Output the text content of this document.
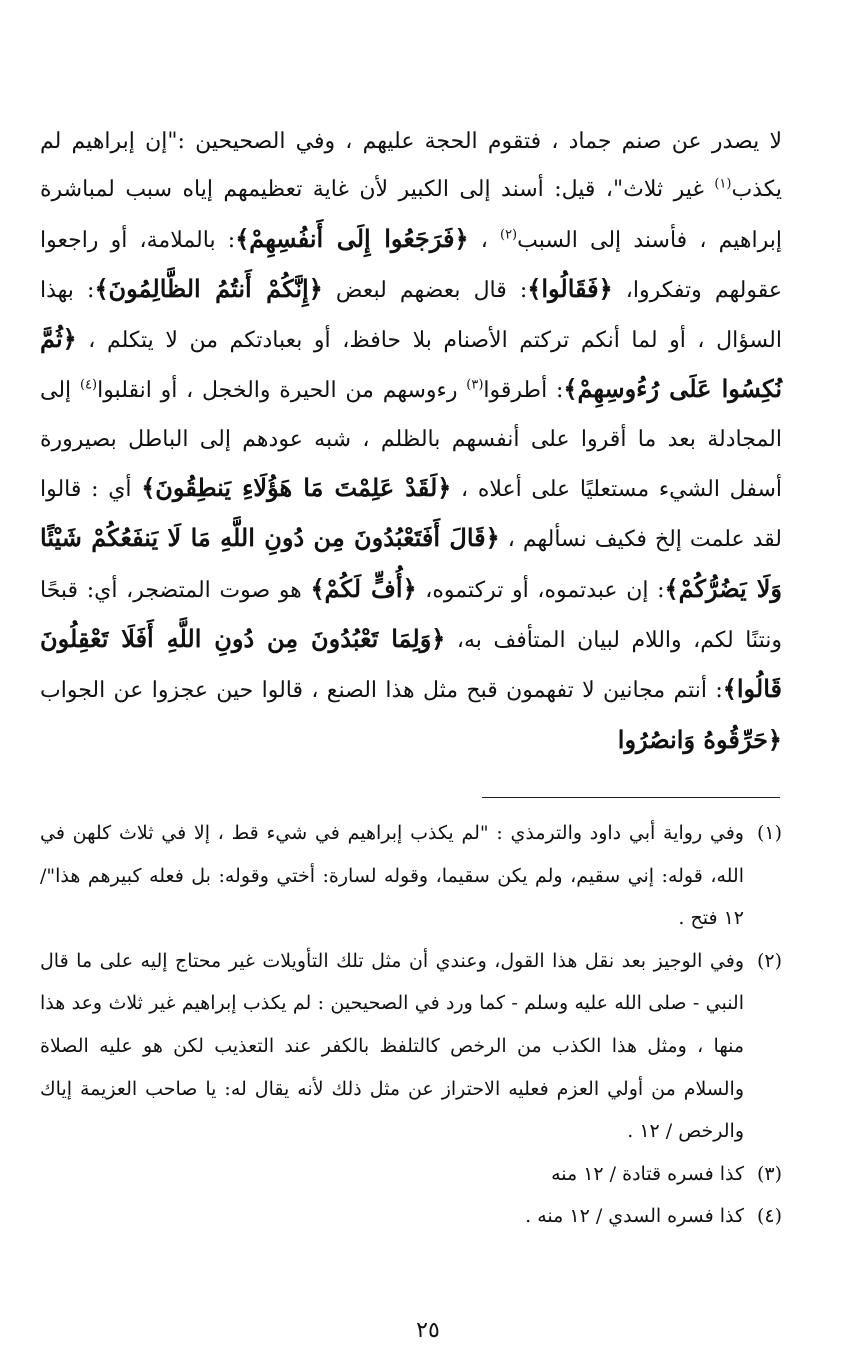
لا يصدر عن صنم جماد ، فتقوم الحجة عليهم ، وفي الصحيحين :"إن إبراهيم لم يكذب$^{(١)}$ غير ثلاث"، قيل: أسند إلى الكبير لأن غاية تعظيمهم إياه سبب لمباشرة إبراهيم ، فأسند إلى السبب$^{(٢)}$ ، ﴿فَرَجَعُوا إِلَى أَنفُسِهِمْ﴾: بالملامة، أو راجعوا عقولهم وتفكروا، ﴿فَقَالُوا﴾: قال بعضهم لبعض ﴿إِنَّكُمْ أَنتُمُ الظَّالِمُونَ﴾: بهذا السؤال ، أو لما أنكم تركتم الأصنام بلا حافظ، أو بعبادتكم من لا يتكلم ، ﴿ثُمَّ نُكِسُوا عَلَى رُءُوسِهِمْ﴾: أطرقوا$^{(٣)}$ رءوسهم من الحيرة والخجل ، أو انقلبوا$^{(٤)}$ إلى المجادلة بعد ما أقروا على أنفسهم بالظلم ، شبه عودهم إلى الباطل بصيرورة أسفل الشيء مستعليًا على أعلاه ، ﴿لَقَدْ عَلِمْتَ مَا هَؤُلَاءِ يَنطِقُونَ﴾ أي : قالوا لقد علمت إلخ فكيف نسألهم ، ﴿قَالَ أَفَتَعْبُدُونَ مِن دُونِ اللَّهِ مَا لَا يَنفَعُكُمْ شَيْئًا وَلَا يَضُرُّكُمْ﴾: إن عبدتموه، أو تركتموه، ﴿أُفٍّ لَكُمْ﴾ هو صوت المتضجر، أي: قبحًا ونتنًا لكم، واللام لبيان المتأفف به، ﴿وَلِمَا تَعْبُدُونَ مِن دُونِ اللَّهِ أَفَلَا تَعْقِلُونَ قَالُوا﴾: أنتم مجانين لا تفهمون قبح مثل هذا الصنع ، قالوا حين عجزوا عن الجواب ﴿حَرِّقُوهُ وَانصُرُوا

(١)
وفي رواية أبي داود والترمذي : "لم يكذب إبراهيم في شيء قط ، إلا في ثلاث كلهن في الله، قوله: إني سقيم، ولم يكن سقيما، وقوله لسارة: أختي وقوله: بل فعله كبيرهم هذا"/ ١٢ فتح .
(٢)
وفي الوجيز بعد نقل هذا القول، وعندي أن مثل تلك التأويلات غير محتاج إليه على ما قال النبي - صلى الله عليه وسلم - كما ورد في الصحيحين : لم يكذب إبراهيم غير ثلاث وعد هذا منها ، ومثل هذا الكذب من الرخص كالتلفظ بالكفر عند التعذيب لكن هو عليه الصلاة والسلام من أولي العزم فعليه الاحتراز عن مثل ذلك لأنه يقال له: يا صاحب العزيمة إياك والرخص / ١٢ .
(٣)
كذا فسره قتادة / ١٢ منه
(٤)
كذا فسره السدي / ١٢ منه .
٢٥
